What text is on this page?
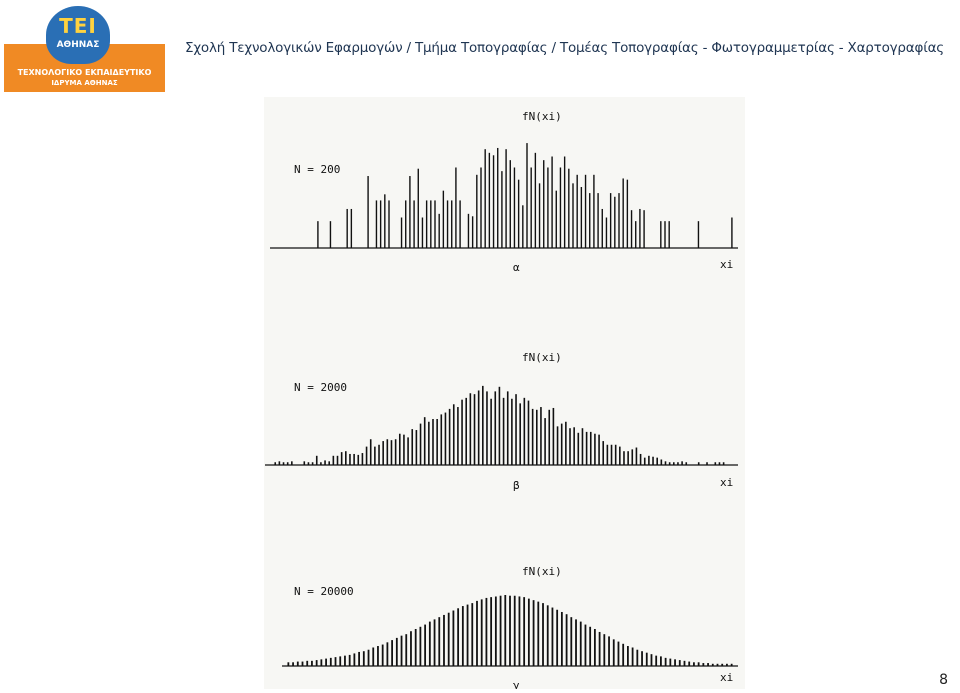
ΤΕΙ
ΑΘΗΝΑΣ
ΤΕΧΝΟΛΟΓΙΚΟ ΕΚΠΑΙΔΕΥΤΙΚΟ
ΙΔΡΥΜΑ ΑΘΗΝΑΣ
Σχολή Τεχνολογικών Εφαρμογών / Τμήμα Τοπογραφίας / Τομέας Τοπογραφίας - Φωτογραμμετρίας - Χαρτογραφίας
fN(xi)
N = 200
xi
α
fN(xi)
N = 2000
xi
β
fN(xi)
N = 20000
xi
γ	8
